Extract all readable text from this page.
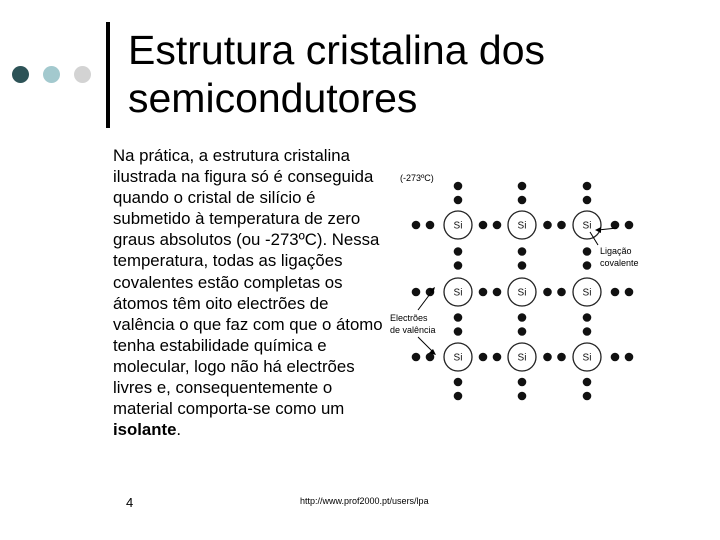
Estrutura cristalina dos
semicondutores

Na prática, a estrutura cristalina ilustrada na figura só é conseguida quando o cristal de silício é submetido à temperatura de zero graus absolutos (ou -273ºC). Nessa temperatura, todas as ligações covalentes estão completas os átomos têm oito electrões de valência o que faz com que o átomo tenha estabilidade química e molecular, logo não há electrões livres e, consequentemente o material comporta-se como um isolante.

(-273ºC)
Si	Si	Si
Si	Si	Si
Si	Si	Si
Ligação
covalente
Electrões
de valência
4	http://www.prof2000.pt/users/lpa
